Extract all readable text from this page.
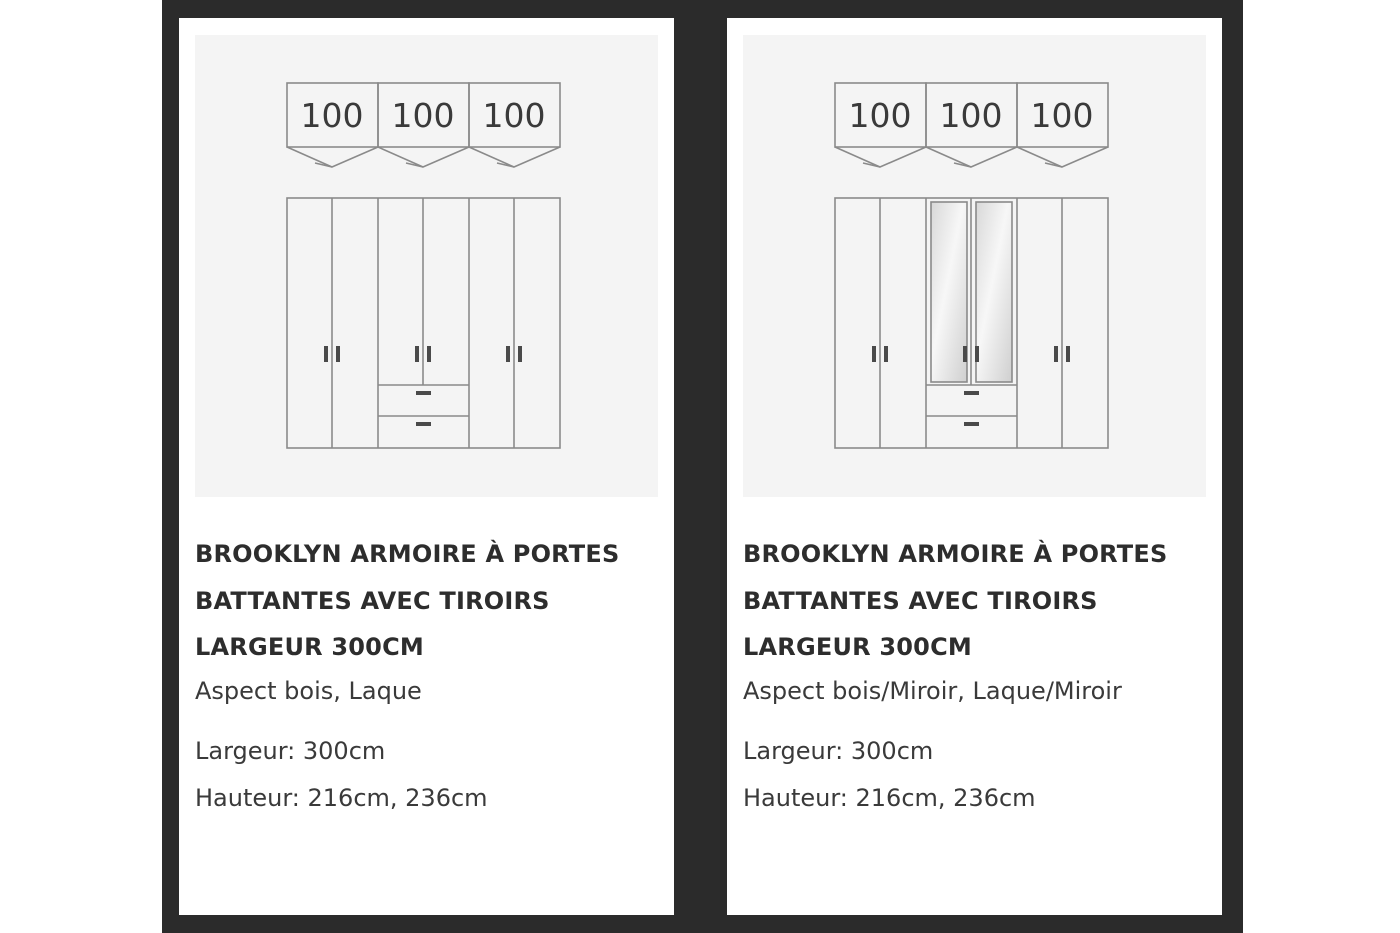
100 100 100
BROOKLYN ARMOIRE À PORTES
BATTANTES AVEC TIROIRS
LARGEUR 300CM
Aspect bois, Laque
Largeur: 300cm
Hauteur: 216cm, 236cm
100 100 100
BROOKLYN ARMOIRE À PORTES
BATTANTES AVEC TIROIRS
LARGEUR 300CM
Aspect bois/Miroir, Laque/Miroir
Largeur: 300cm
Hauteur: 216cm, 236cm
